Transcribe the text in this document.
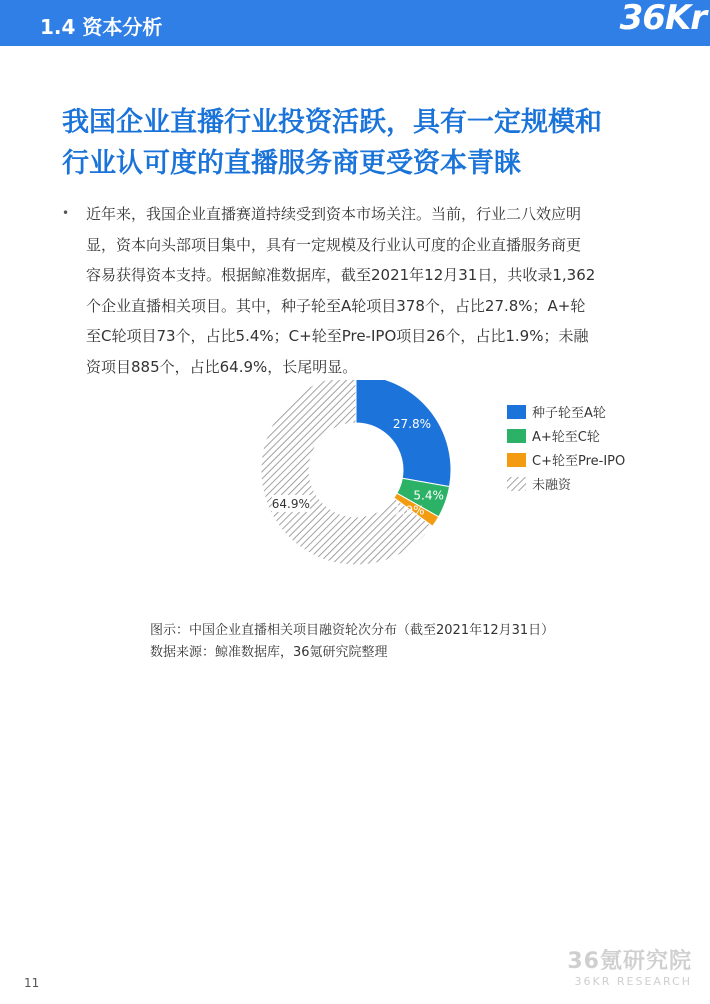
1.4 资本分析	36Kr
我国企业直播行业投资活跃，具有一定规模和
行业认可度的直播服务商更受资本青睐
• 近年来，我国企业直播赛道持续受到资本市场关注。当前，行业二八效应明
显，资本向头部项目集中，具有一定规模及行业认可度的企业直播服务商更
容易获得资本支持。根据鲸准数据库，截至2021年12月31日，共收录1,362
个企业直播相关项目。其中，种子轮至A轮项目378个，占比27.8%；A+轮
至C轮项目73个，占比5.4%；C+轮至Pre-IPO项目26个，占比1.9%；未融
资项目885个，占比64.9%，长尾明显。
27.8%
5.4%
1.9%
64.9%
种子轮至A轮
A+轮至C轮
C+轮至Pre-IPO
未融资
图示：中国企业直播相关项目融资轮次分布（截至2021年12月31日）
数据来源：鲸准数据库，36氪研究院整理
11
36氪研究院
36KR RESEARCH
